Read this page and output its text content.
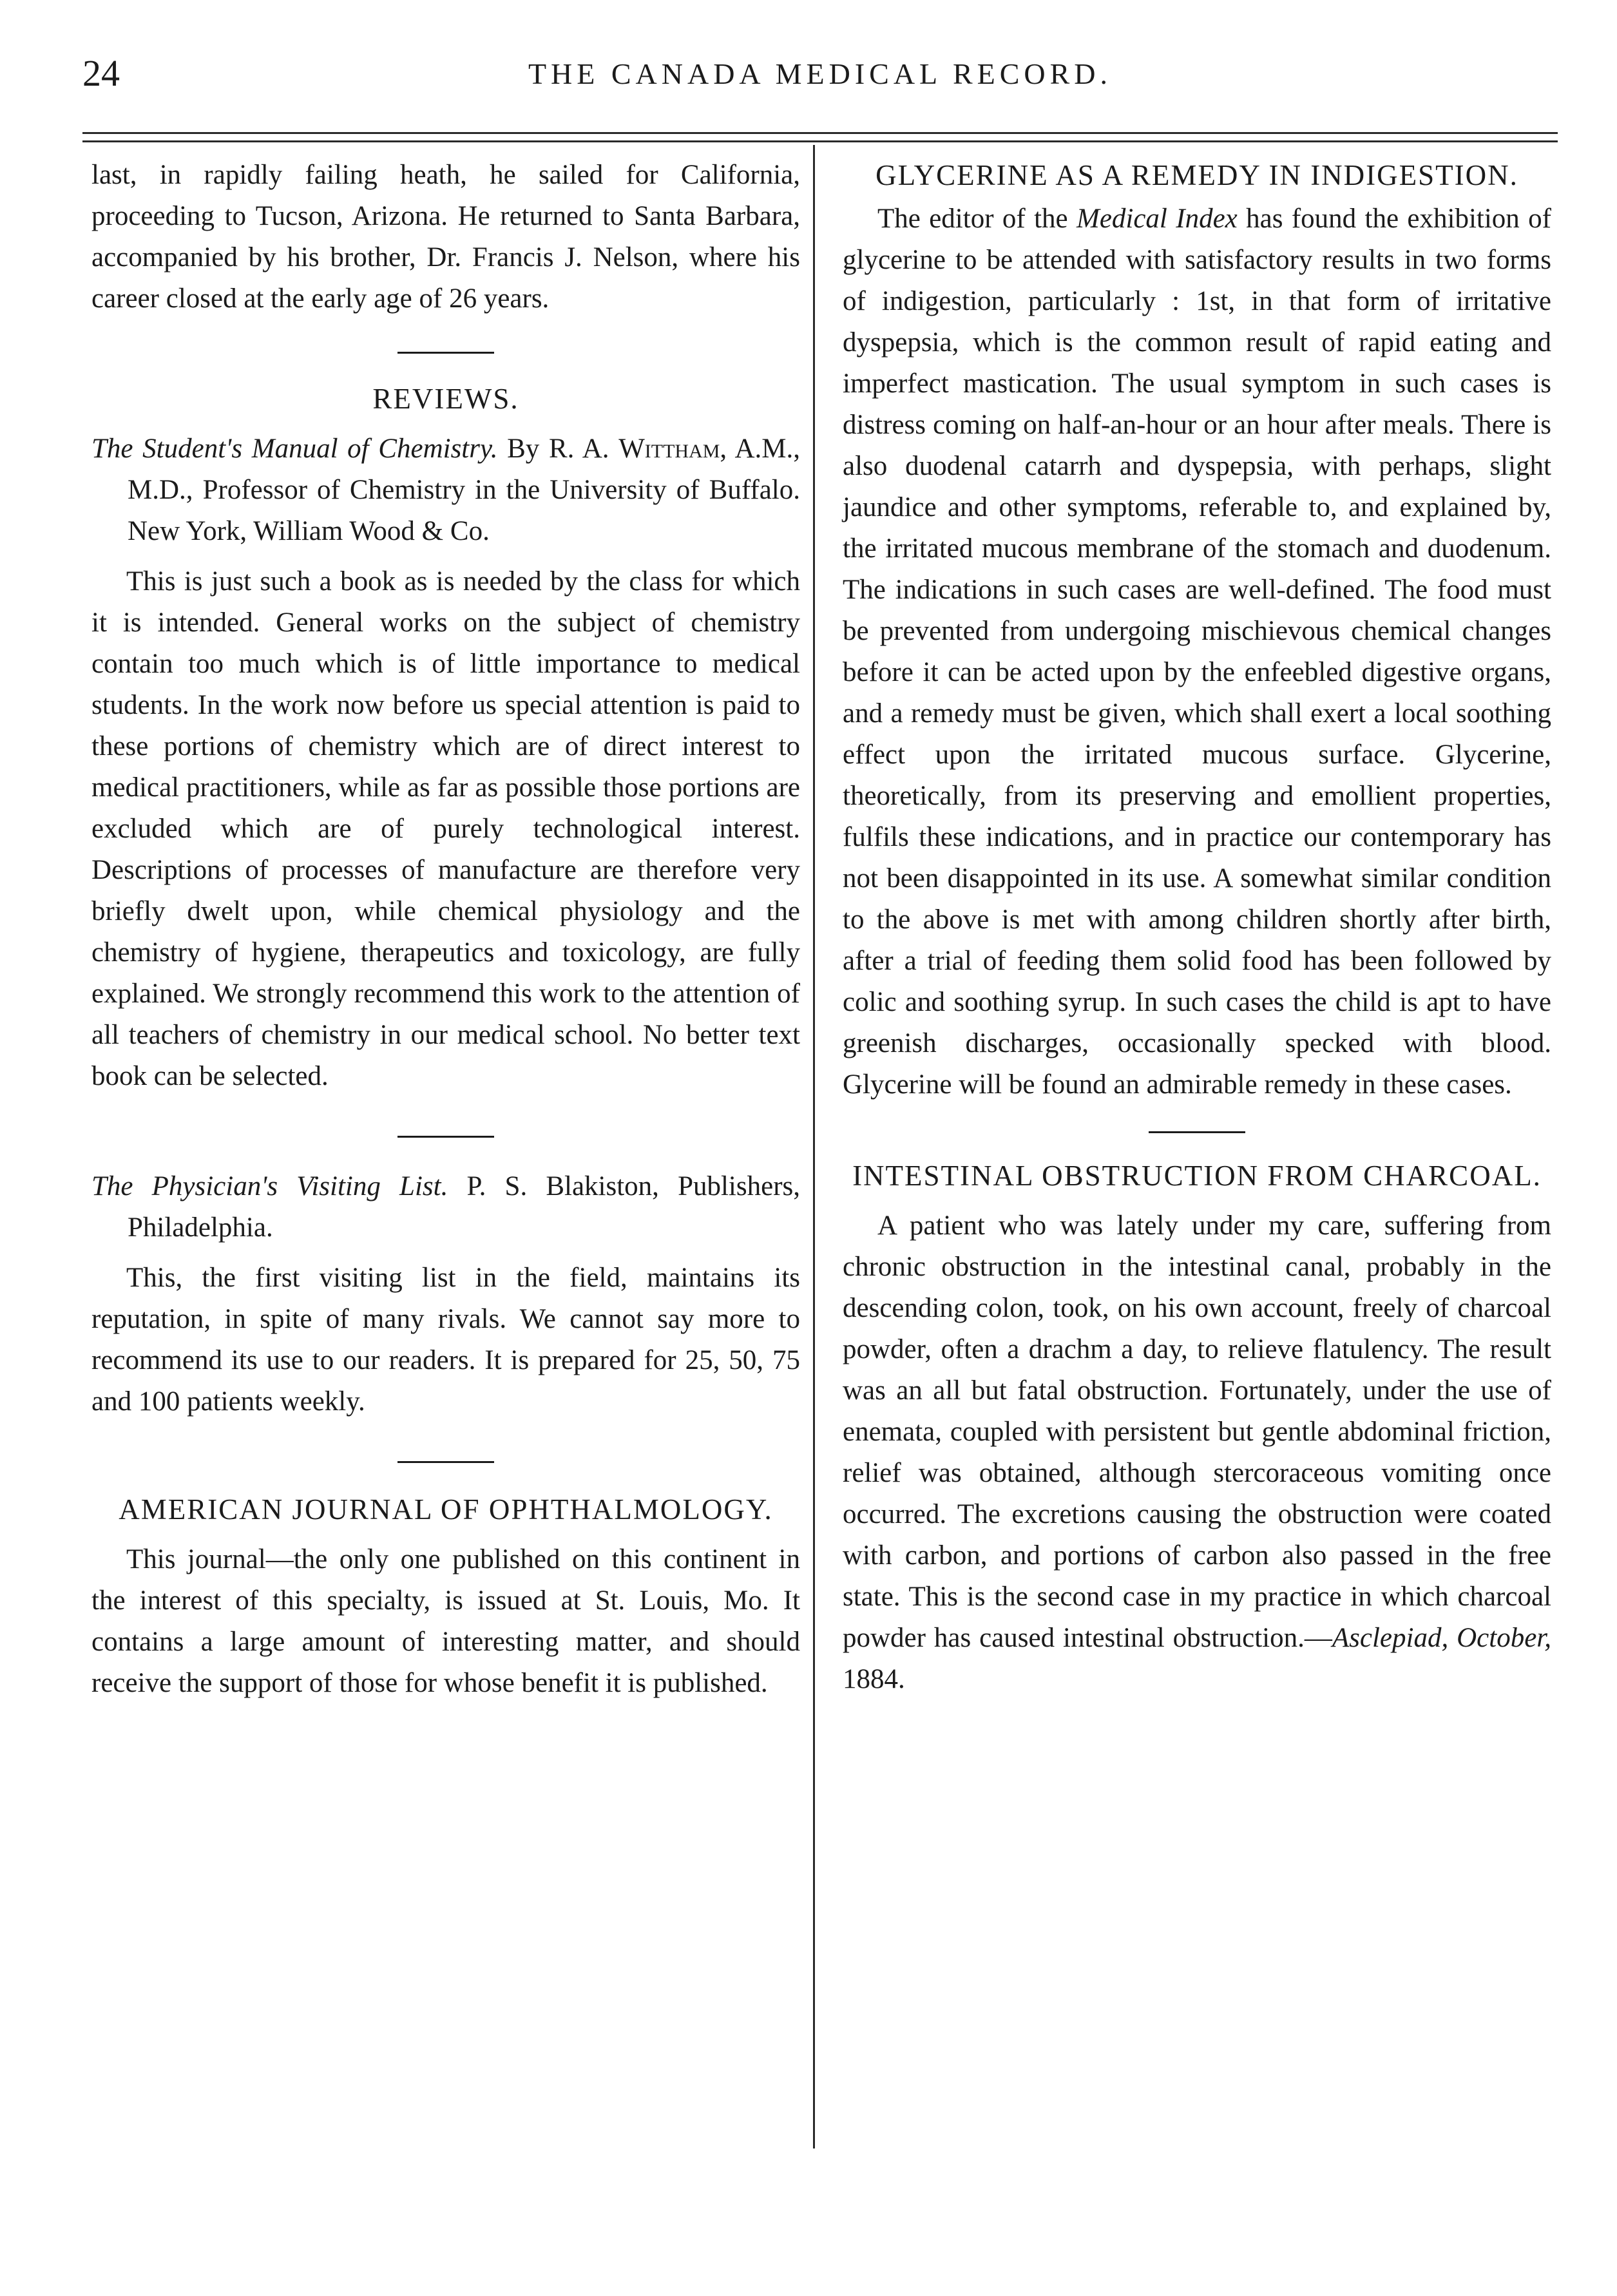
24	THE CANADA MEDICAL RECORD.

last, in rapidly failing heath, he sailed for California, proceeding to Tucson, Arizona. He returned to Santa Barbara, accompanied by his brother, Dr. Francis J. Nelson, where his career closed at the early age of 26 years.

REVIEWS.

The Student's Manual of Chemistry. By R. A. Wittham, A.M., M.D., Professor of Chemistry in the University of Buffalo. New York, William Wood & Co.

This is just such a book as is needed by the class for which it is intended. General works on the subject of chemistry contain too much which is of little importance to medical students. In the work now before us special attention is paid to these portions of chemistry which are of direct interest to medical practitioners, while as far as possible those portions are excluded which are of purely technological interest. Descriptions of processes of manufacture are therefore very briefly dwelt upon, while chemical physiology and the chemistry of hygiene, therapeutics and toxicology, are fully explained. We strongly recommend this work to the attention of all teachers of chemistry in our medical school. No better text book can be selected.

The Physician's Visiting List. P. S. Blakiston, Publishers, Philadelphia.

This, the first visiting list in the field, maintains its reputation, in spite of many rivals. We cannot say more to recommend its use to our readers. It is prepared for 25, 50, 75 and 100 patients weekly.

AMERICAN JOURNAL OF OPHTHALMOLOGY.

This journal—the only one published on this continent in the interest of this specialty, is issued at St. Louis, Mo. It contains a large amount of interesting matter, and should receive the support of those for whose benefit it is published.

GLYCERINE AS A REMEDY IN INDIGESTION.

The editor of the Medical Index has found the exhibition of glycerine to be attended with satisfactory results in two forms of indigestion, particularly : 1st, in that form of irritative dyspepsia, which is the common result of rapid eating and imperfect mastication. The usual symptom in such cases is distress coming on half-an-hour or an hour after meals. There is also duodenal catarrh and dyspepsia, with perhaps, slight jaundice and other symptoms, referable to, and explained by, the irritated mucous membrane of the stomach and duodenum. The indications in such cases are well-defined. The food must be prevented from undergoing mischievous chemical changes before it can be acted upon by the enfeebled digestive organs, and a remedy must be given, which shall exert a local soothing effect upon the irritated mucous surface. Glycerine, theoretically, from its preserving and emollient properties, fulfils these indications, and in practice our contemporary has not been disappointed in its use. A somewhat similar condition to the above is met with among children shortly after birth, after a trial of feeding them solid food has been followed by colic and soothing syrup. In such cases the child is apt to have greenish discharges, occasionally specked with blood. Glycerine will be found an admirable remedy in these cases.

INTESTINAL OBSTRUCTION FROM CHARCOAL.

A patient who was lately under my care, suffering from chronic obstruction in the intestinal canal, probably in the descending colon, took, on his own account, freely of charcoal powder, often a drachm a day, to relieve flatulency. The result was an all but fatal obstruction. Fortunately, under the use of enemata, coupled with persistent but gentle abdominal friction, relief was obtained, although stercoraceous vomiting once occurred. The excretions causing the obstruction were coated with carbon, and portions of carbon also passed in the free state. This is the second case in my practice in which charcoal powder has caused intestinal obstruction.—Asclepiad, October, 1884.
